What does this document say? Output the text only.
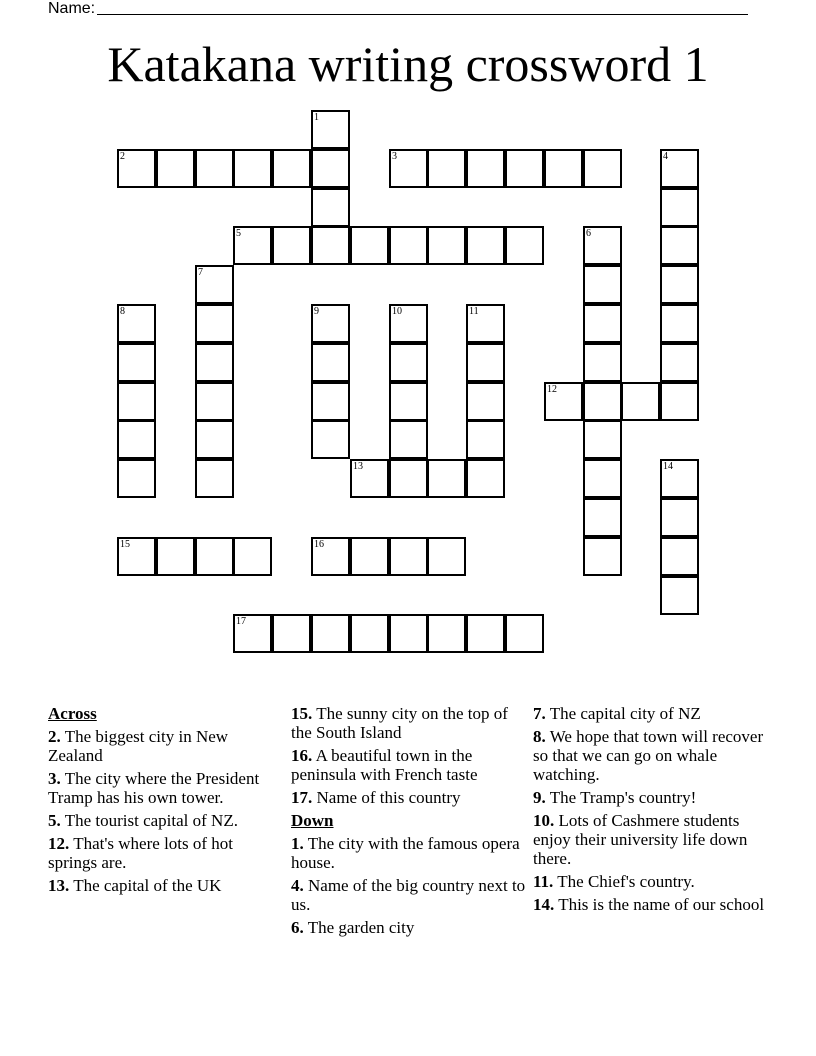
Name:
Katakana writing crossword 1
2	3
5
12
13
15	16
17
1
4
6
7
8	9	10	11
14
Across
2. The biggest city in New Zealand
3. The city where the President Tramp has his own tower.
5. The tourist capital of NZ.
12. That's where lots of hot springs are.
13. The capital of the UK
15. The sunny city on the top of the South Island
16. A beautiful town in the peninsula with French taste
17. Name of this country
Down
1. The city with the famous opera house.
4. Name of the big country next to us.
6. The garden city
7. The capital city of NZ
8. We hope that town will recover so that we can go on whale watching.
9. The Tramp's country!
10. Lots of Cashmere students enjoy their university life down there.
11. The Chief's country.
14. This is the name of our school
